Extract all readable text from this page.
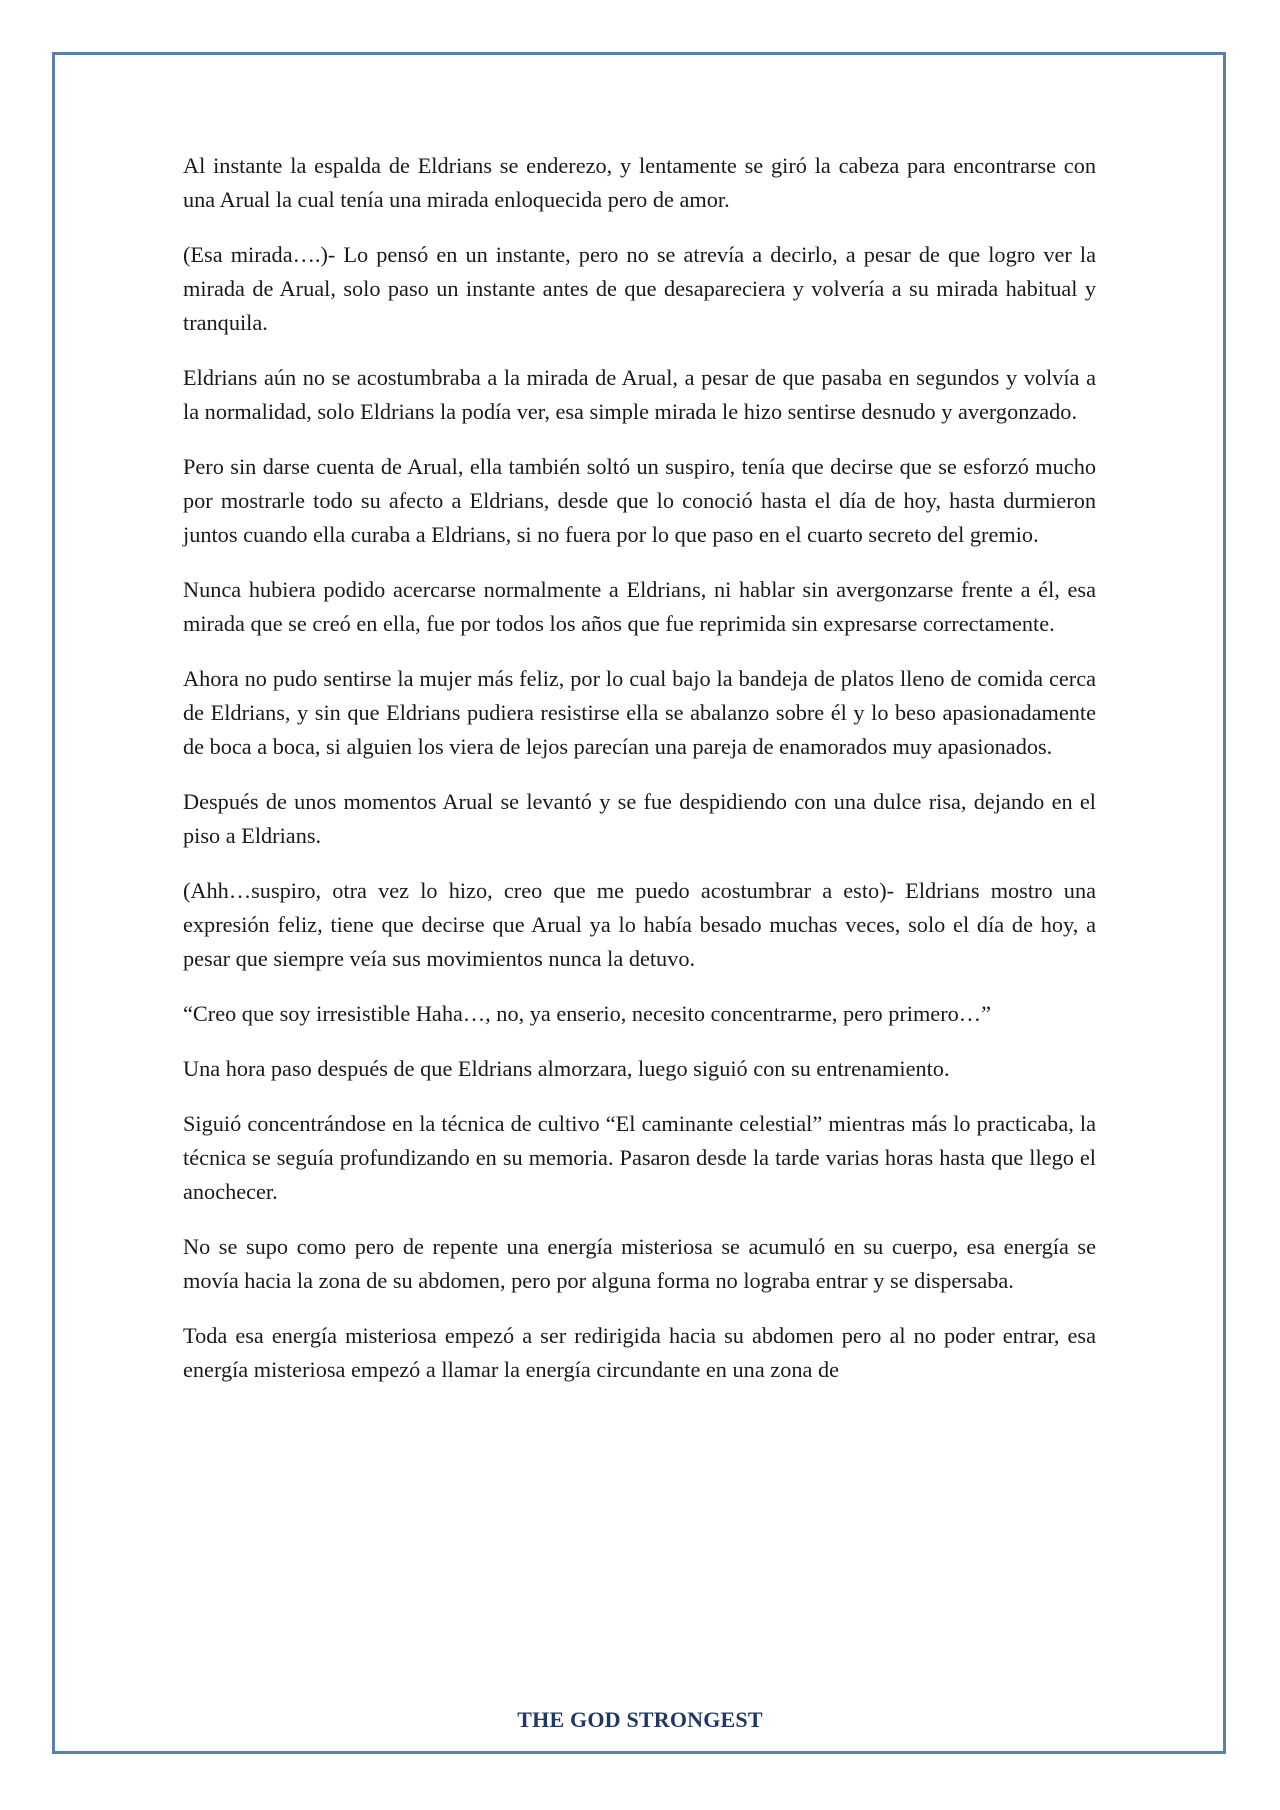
Al instante la espalda de Eldrians se enderezo, y lentamente se giró la cabeza para encontrarse con una Arual la cual tenía una mirada enloquecida pero de amor.

(Esa mirada….)- Lo pensó en un instante, pero no se atrevía a decirlo, a pesar de que logro ver la mirada de Arual, solo paso un instante antes de que desapareciera y volvería a su mirada habitual y tranquila.

Eldrians aún no se acostumbraba a la mirada de Arual, a pesar de que pasaba en segundos y volvía a la normalidad, solo Eldrians la podía ver, esa simple mirada le hizo sentirse desnudo y avergonzado.

Pero sin darse cuenta de Arual, ella también soltó un suspiro, tenía que decirse que se esforzó mucho por mostrarle todo su afecto a Eldrians, desde que lo conoció hasta el día de hoy, hasta durmieron juntos cuando ella curaba a Eldrians, si no fuera por lo que paso en el cuarto secreto del gremio.

Nunca hubiera podido acercarse normalmente a Eldrians, ni hablar sin avergonzarse frente a él, esa mirada que se creó en ella, fue por todos los años que fue reprimida sin expresarse correctamente.

Ahora no pudo sentirse la mujer más feliz, por lo cual bajo la bandeja de platos lleno de comida cerca de Eldrians, y sin que Eldrians pudiera resistirse ella se abalanzo sobre él y lo beso apasionadamente de boca a boca, si alguien los viera de lejos parecían una pareja de enamorados muy apasionados.

Después de unos momentos Arual se levantó y se fue despidiendo con una dulce risa, dejando en el piso a Eldrians.

(Ahh…suspiro, otra vez lo hizo, creo que me puedo acostumbrar a esto)- Eldrians mostro una expresión feliz, tiene que decirse que Arual ya lo había besado muchas veces, solo el día de hoy, a pesar que siempre veía sus movimientos nunca la detuvo.

“Creo que soy irresistible Haha…, no, ya enserio, necesito concentrarme, pero primero…”

Una hora paso después de que Eldrians almorzara, luego siguió con su entrenamiento.

Siguió concentrándose en la técnica de cultivo “El caminante celestial” mientras más lo practicaba, la técnica se seguía profundizando en su memoria. Pasaron desde la tarde varias horas hasta que llego el anochecer.

No se supo como pero de repente una energía misteriosa se acumuló en su cuerpo, esa energía se movía hacia la zona de su abdomen, pero por alguna forma no lograba entrar y se dispersaba.

Toda esa energía misteriosa empezó a ser redirigida hacia su abdomen pero al no poder entrar, esa energía misteriosa empezó a llamar la energía circundante en una zona de

THE GOD STRONGEST
